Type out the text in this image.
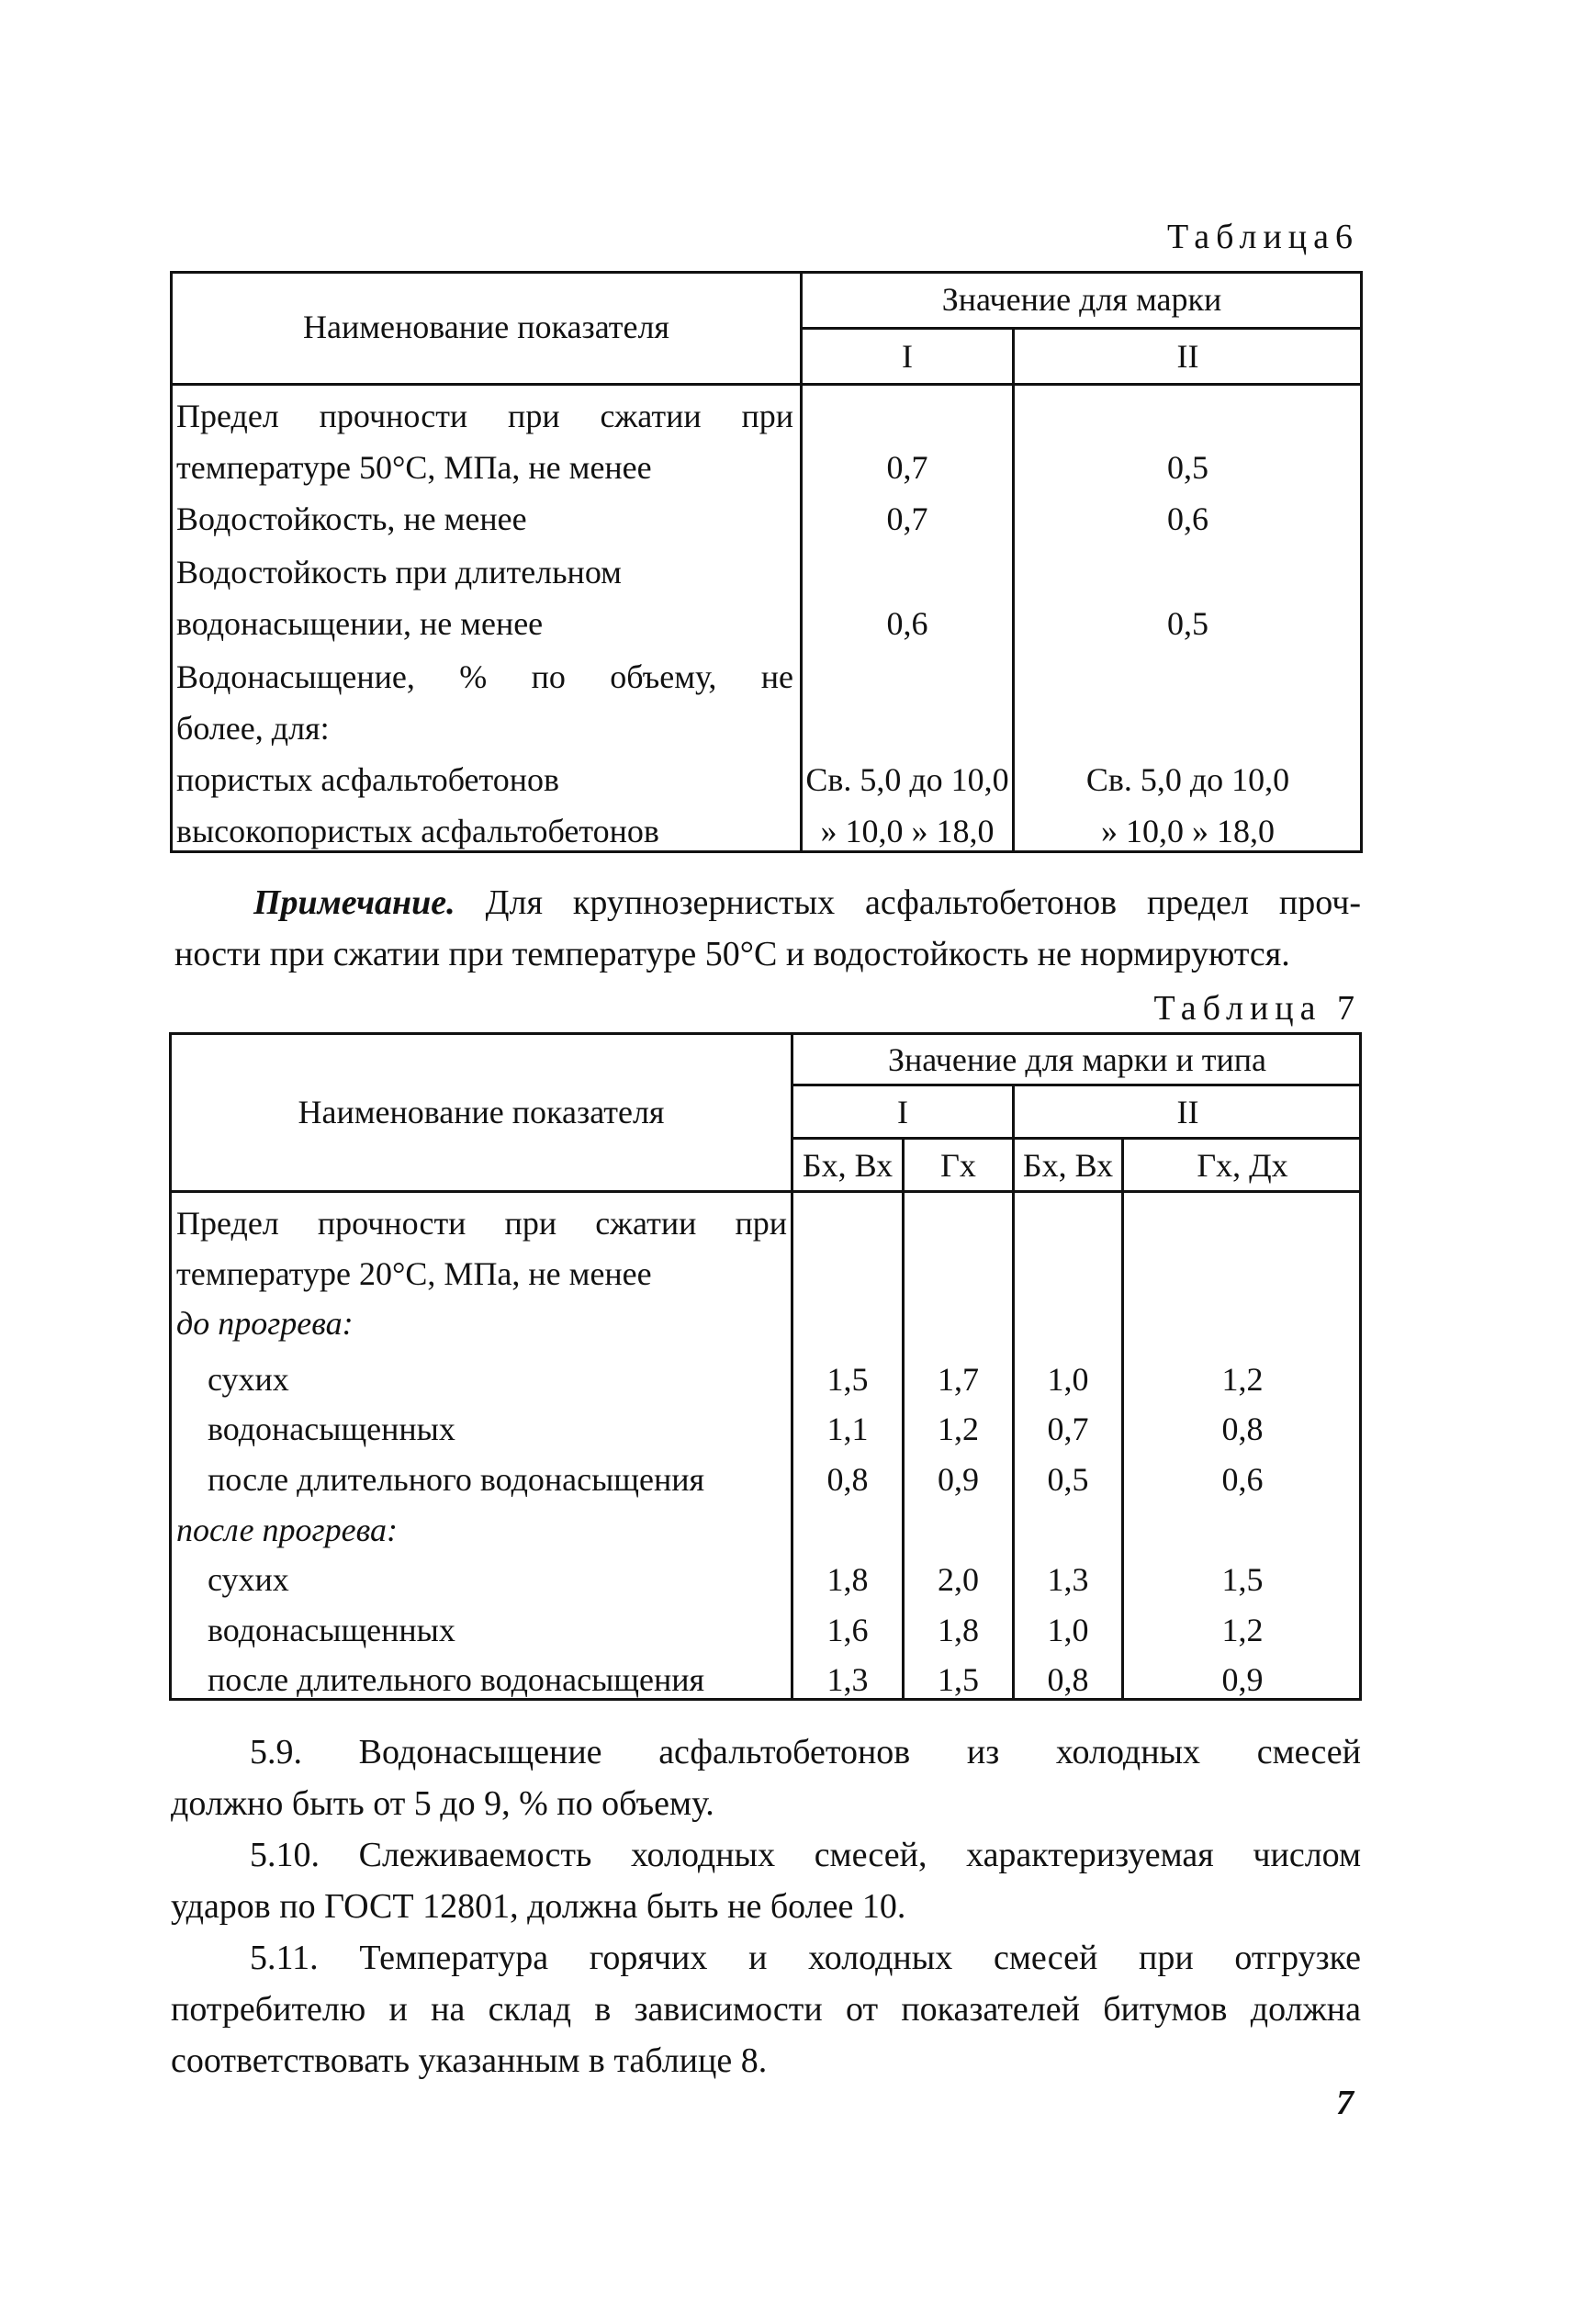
Таблица6
Наименование показателя
Значение для марки
I	II
Предел прочности при сжатии при
температуре 50°С, МПа, не менее	0,7	0,5
Водостойкость, не менее	0,7	0,6
Водостойкость при длительном
водонасыщении, не менее	0,6	0,5
Водонасыщение, % по объему, не
более, для:
пористых асфальтобетонов	Св. 5,0 до 10,0	Св. 5,0 до 10,0
высокопористых асфальтобетонов	» 10,0 » 18,0	» 10,0 » 18,0
Примечание. Для крупнозернистых асфальтобетонов предел проч-
ности при сжатии при температуре 50°С и водостойкость не нормируются.
Таблица 7
Наименование показателя
Значение для марки и типа
I	II
Бх, Вх	Гх	Бх, Вх	Гх, Дх
Предел прочности при сжатии при
температуре 20°С, МПа, не менее
до прогрева:
сухих	1,5	1,7	1,0	1,2
водонасыщенных	1,1	1,2	0,7	0,8
после длительного водонасыщения	0,8	0,9	0,5	0,6
после прогрева:
сухих	1,8	2,0	1,3	1,5
водонасыщенных	1,6	1,8	1,0	1,2
после длительного водонасыщения	1,3	1,5	0,8	0,9
5.9. Водонасыщение асфальтобетонов из холодных смесей
должно быть от 5 до 9, % по объему.
5.10. Слеживаемость холодных смесей, характеризуемая числом
ударов по ГОСТ 12801, должна быть не более 10.
5.11. Температура горячих и холодных смесей при отгрузке
потребителю и на склад в зависимости от показателей битумов должна
соответствовать указанным в таблице 8.
7
